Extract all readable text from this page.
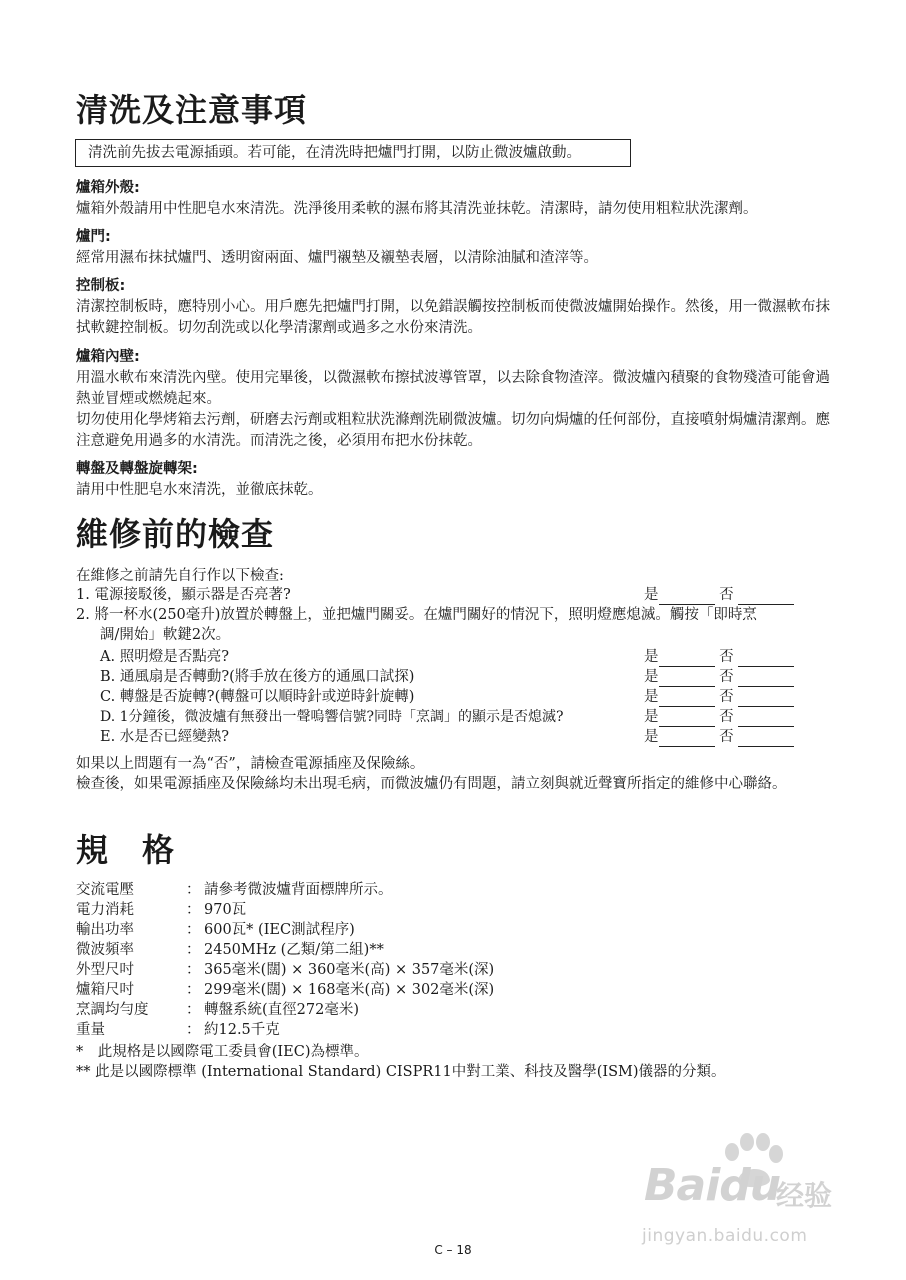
清洗及注意事項
清洗前先拔去電源插頭。若可能，在清洗時把爐門打開，以防止微波爐啟動。
爐箱外殼:
爐箱外殼請用中性肥皂水來清洗。洗淨後用柔軟的濕布將其清洗並抹乾。清潔時，請勿使用粗粒狀洗潔劑。
爐門:
經常用濕布抹拭爐門、透明窗兩面、爐門襯墊及襯墊表層，以清除油膩和渣滓等。
控制板:
清潔控制板時，應特別小心。用戶應先把爐門打開，以免錯誤觸按控制板而使微波爐開始操作。然後，用一微濕軟布抹拭軟鍵控制板。切勿刮洗或以化學清潔劑或過多之水份來清洗。
爐箱內壁:
用溫水軟布來清洗內壁。使用完畢後，以微濕軟布擦拭波導管罩，以去除食物渣滓。微波爐內積聚的食物殘渣可能會過熱並冒煙或燃燒起來。
切勿使用化學烤箱去污劑，研磨去污劑或粗粒狀洗滌劑洗刷微波爐。切勿向焗爐的任何部份，直接噴射焗爐清潔劑。應注意避免用過多的水清洗。而清洗之後，必須用布把水份抹乾。
轉盤及轉盤旋轉架:
請用中性肥皂水來清洗，並徹底抹乾。
維修前的檢查
在維修之前請先自行作以下檢查:
1. 電源接駁後，顯示器是否亮著?	是	否
2. 將一杯水(250毫升)放置於轉盤上，並把爐門關妥。在爐門關好的情況下，照明燈應熄滅。觸按「即時烹
調/開始」軟鍵2次。
A. 照明燈是否點亮?	是	否
B. 通風扇是否轉動?(將手放在後方的通風口試探)	是	否
C. 轉盤是否旋轉?(轉盤可以順時針或逆時針旋轉)	是	否
D. 1分鐘後，微波爐有無發出一聲嗚響信號?同時「烹調」的顯示是否熄滅?	是	否
E. 水是否已經變熱?	是	否
如果以上問題有一為“否”，請檢查電源插座及保險絲。
檢查後，如果電源插座及保險絲均未出現毛病，而微波爐仍有問題，請立刻與就近聲寶所指定的維修中心聯絡。
規　格
交流電壓	： 請參考微波爐背面標牌所示。
電力消耗	： 970瓦
輸出功率	： 600瓦* (IEC測試程序)
微波頻率	： 2450MHz (乙類/第二組)**
外型尺吋	： 365毫米(闊) × 360毫米(高) × 357毫米(深)
爐箱尺吋	： 299毫米(闊) × 168毫米(高) × 302毫米(深)
烹調均勻度	： 轉盤系統(直徑272毫米)
重量	： 約12.5千克
*　此規格是以國際電工委員會(IEC)為標準。
** 此是以國際標準 (International Standard) CISPR11中對工業、科技及醫學(ISM)儀器的分類。
Baidu
经验
jingyan.baidu.com
C – 18
